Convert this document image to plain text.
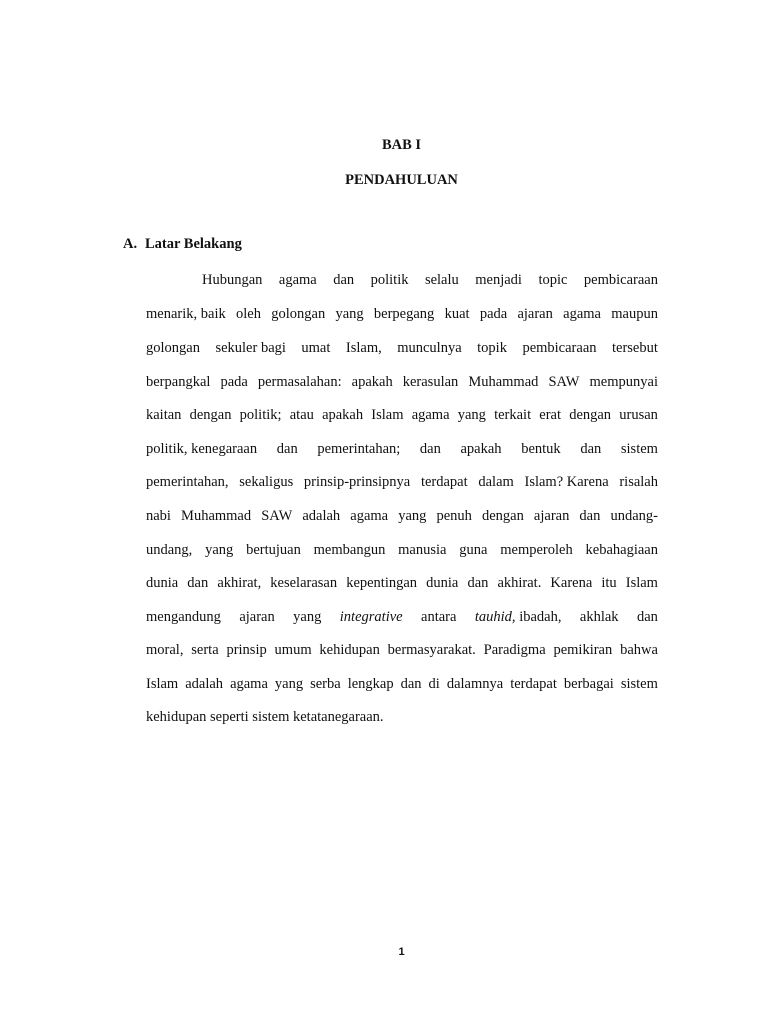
BAB I
PENDAHULUAN
A. Latar Belakang
Hubungan agama dan politik selalu menjadi topic pembicaraan
menarik, baik oleh golongan yang berpegang kuat pada ajaran agama maupun
golongan sekuler bagi umat Islam, munculnya topik pembicaraan tersebut
berpangkal pada permasalahan: apakah kerasulan Muhammad SAW mempunyai
kaitan dengan politik; atau apakah Islam agama yang terkait erat dengan urusan
politik, kenegaraan dan pemerintahan; dan apakah bentuk dan sistem
pemerintahan, sekaligus prinsip-prinsipnya terdapat dalam Islam? Karena risalah
nabi Muhammad SAW adalah agama yang penuh dengan ajaran dan undang-
undang, yang bertujuan membangun manusia guna memperoleh kebahagiaan
dunia dan akhirat, keselarasan kepentingan dunia dan akhirat. Karena itu Islam
mengandung ajaran yang integrative antara tauhid, ibadah, akhlak dan
moral, serta prinsip umum kehidupan bermasyarakat. Paradigma pemikiran bahwa
Islam adalah agama yang serba lengkap dan di dalamnya terdapat berbagai sistem
kehidupan seperti sistem ketatanegaraan.
1
